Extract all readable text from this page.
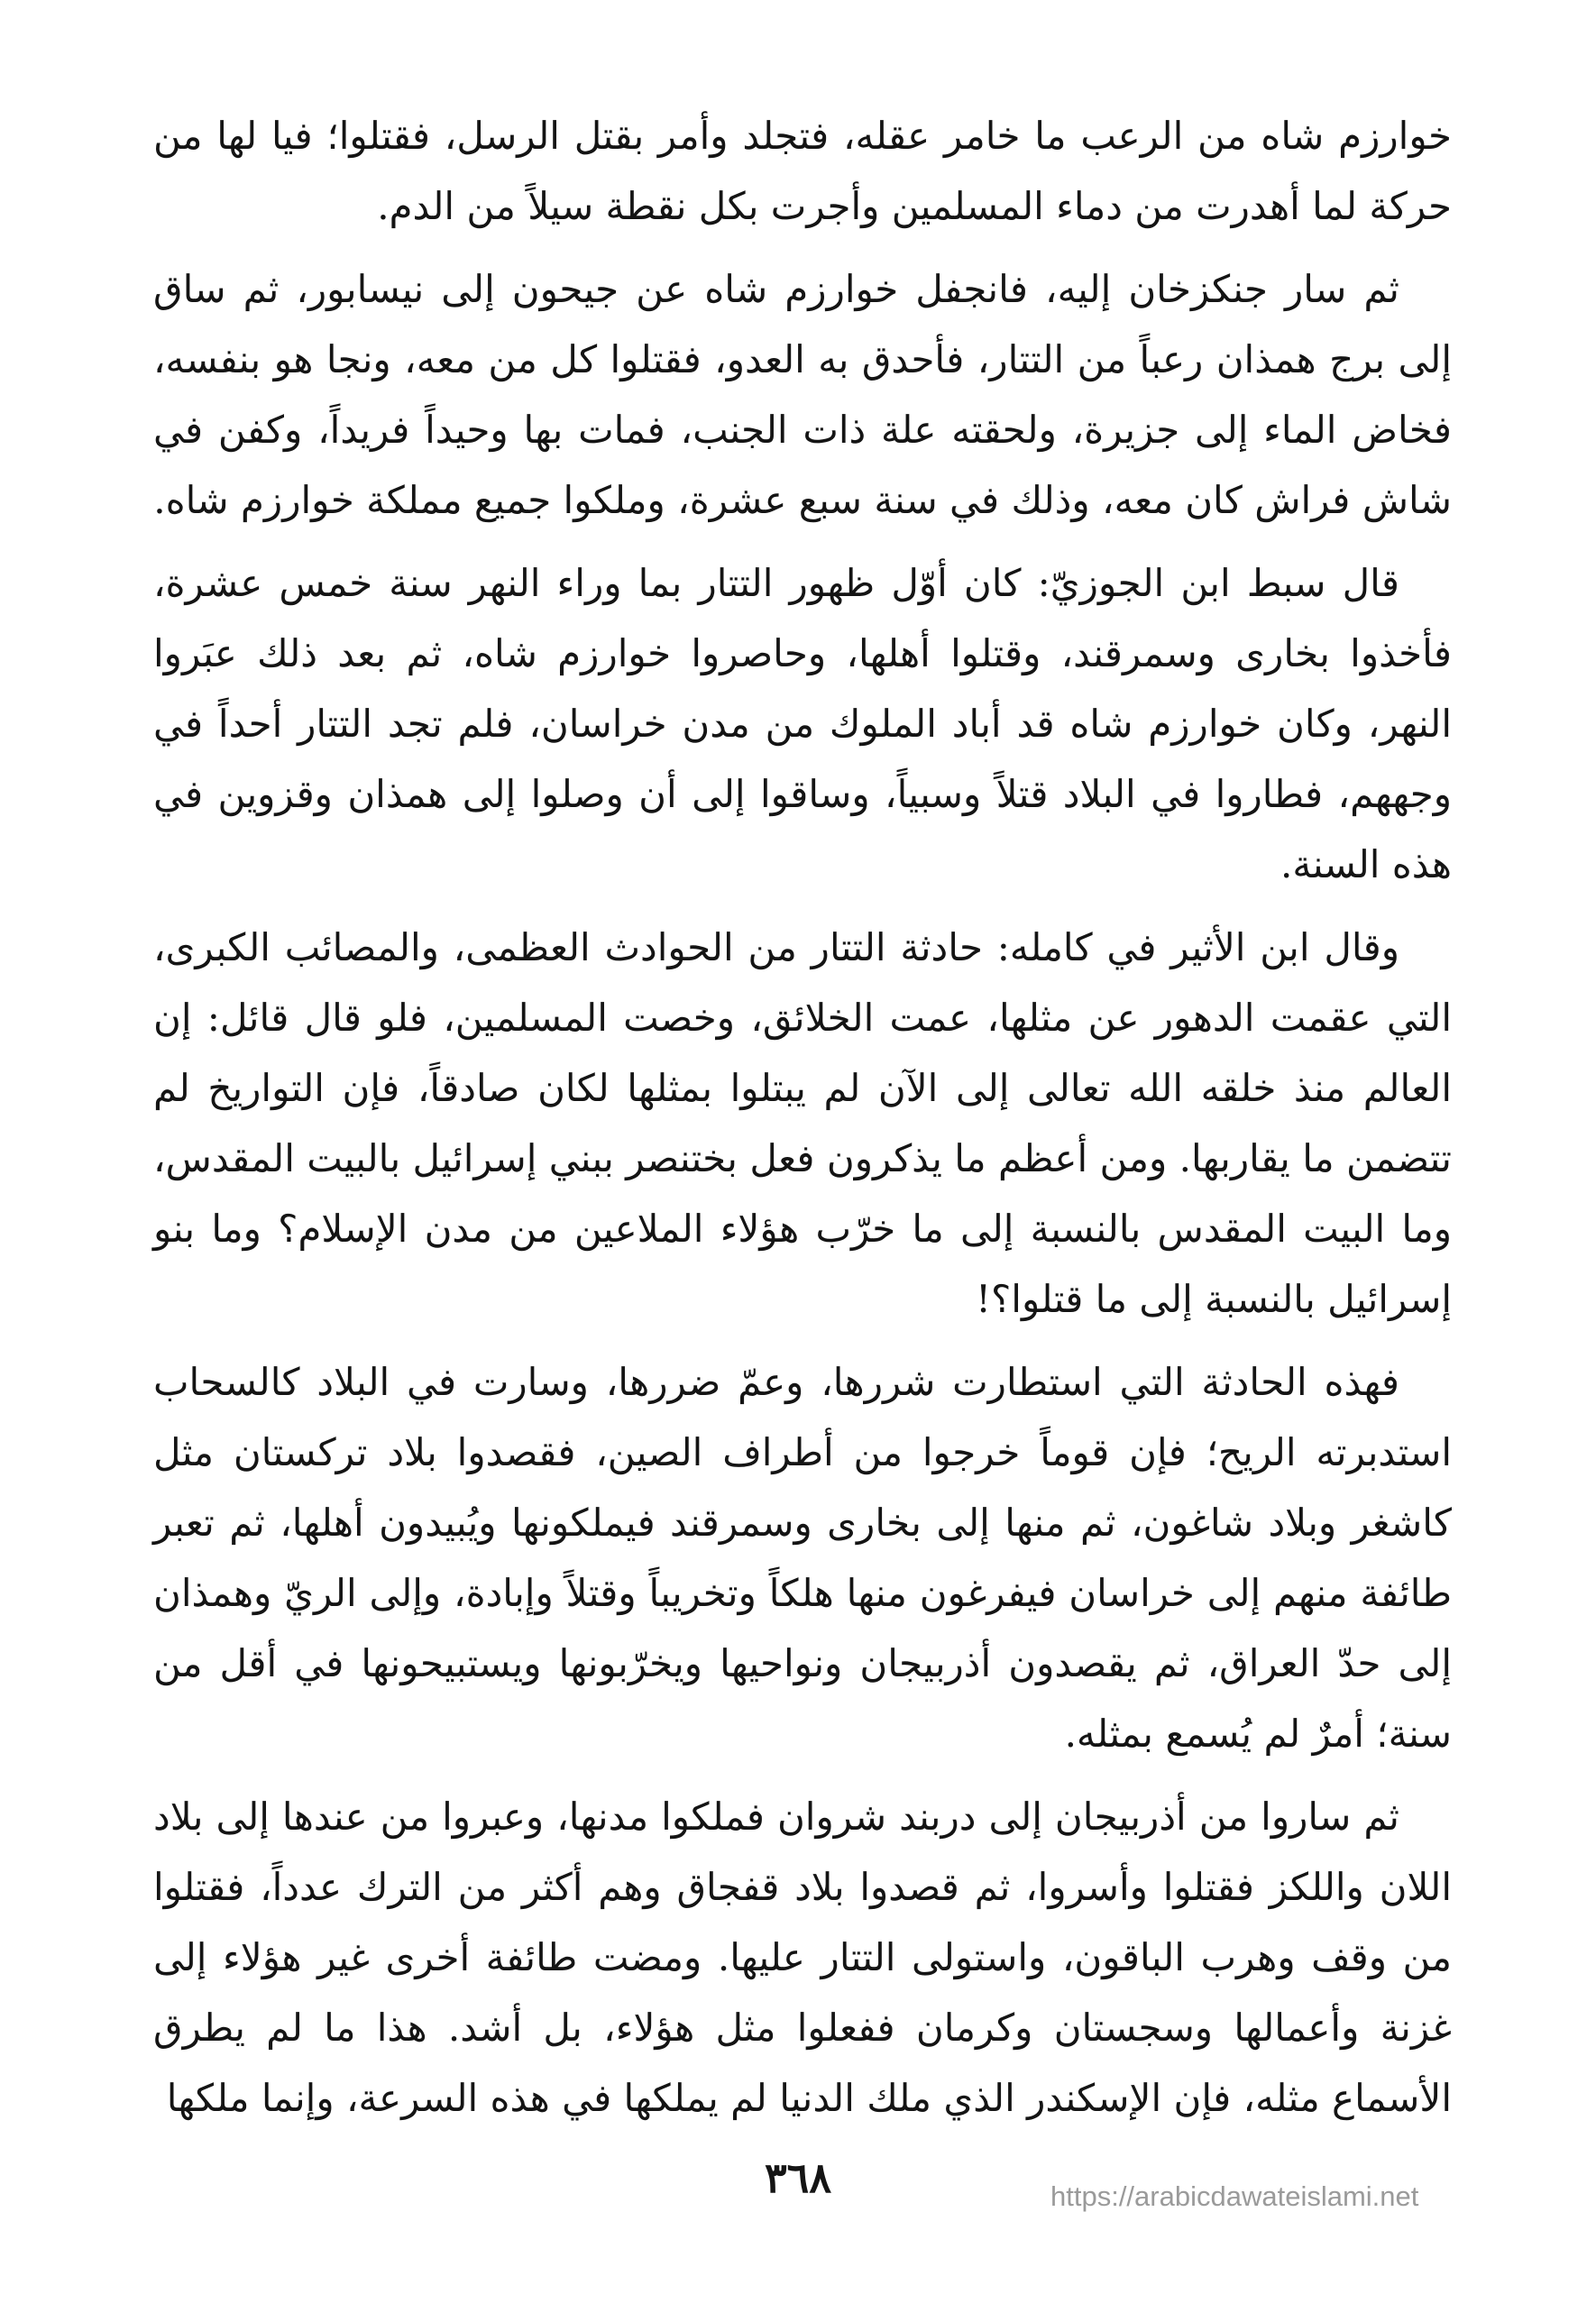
خوارزم شاه من الرعب ما خامر عقله، فتجلد وأمر بقتل الرسل، فقتلوا؛ فيا لها من حركة لما أهدرت من دماء المسلمين وأجرت بكل نقطة سيلاً من الدم.

ثم سار جنكزخان إليه، فانجفل خوارزم شاه عن جيحون إلى نيسابور، ثم ساق إلى برج همذان رعباً من التتار، فأحدق به العدو، فقتلوا كل من معه، ونجا هو بنفسه، فخاض الماء إلى جزيرة، ولحقته علة ذات الجنب، فمات بها وحيداً فريداً، وكفن في شاش فراش كان معه، وذلك في سنة سبع عشرة، وملكوا جميع مملكة خوارزم شاه.

قال سبط ابن الجوزيّ: كان أوّل ظهور التتار بما وراء النهر سنة خمس عشرة، فأخذوا بخارى وسمرقند، وقتلوا أهلها، وحاصروا خوارزم شاه، ثم بعد ذلك عبَروا النهر، وكان خوارزم شاه قد أباد الملوك من مدن خراسان، فلم تجد التتار أحداً في وجههم، فطاروا في البلاد قتلاً وسبياً، وساقوا إلى أن وصلوا إلى همذان وقزوين في هذه السنة.

وقال ابن الأثير في كامله: حادثة التتار من الحوادث العظمى، والمصائب الكبرى، التي عقمت الدهور عن مثلها، عمت الخلائق، وخصت المسلمين، فلو قال قائل: إن العالم منذ خلقه الله تعالى إلى الآن لم يبتلوا بمثلها لكان صادقاً، فإن التواريخ لم تتضمن ما يقاربها. ومن أعظم ما يذكرون فعل بختنصر ببني إسرائيل بالبيت المقدس، وما البيت المقدس بالنسبة إلى ما خرّب هؤلاء الملاعين من مدن الإسلام؟ وما بنو إسرائيل بالنسبة إلى ما قتلوا؟!

فهذه الحادثة التي استطارت شررها، وعمّ ضررها، وسارت في البلاد كالسحاب استدبرته الريح؛ فإن قوماً خرجوا من أطراف الصين، فقصدوا بلاد تركستان مثل كاشغر وبلاد شاغون، ثم منها إلى بخارى وسمرقند فيملكونها ويُبيدون أهلها، ثم تعبر طائفة منهم إلى خراسان فيفرغون منها هلكاً وتخريباً وقتلاً وإبادة، وإلى الريّ وهمذان إلى حدّ العراق، ثم يقصدون أذربيجان ونواحيها ويخرّبونها ويستبيحونها في أقل من سنة؛ أمرٌ لم يُسمع بمثله.

ثم ساروا من أذربيجان إلى دربند شروان فملكوا مدنها، وعبروا من عندها إلى بلاد اللان واللكز فقتلوا وأسروا، ثم قصدوا بلاد قفجاق وهم أكثر من الترك عدداً، فقتلوا من وقف وهرب الباقون، واستولى التتار عليها. ومضت طائفة أخرى غير هؤلاء إلى غزنة وأعمالها وسجستان وكرمان ففعلوا مثل هؤلاء، بل أشد. هذا ما لم يطرق الأسماع مثله، فإن الإسكندر الذي ملك الدنيا لم يملكها في هذه السرعة، وإنما ملكها

٣٦٨	https://arabicdawateislami.net
